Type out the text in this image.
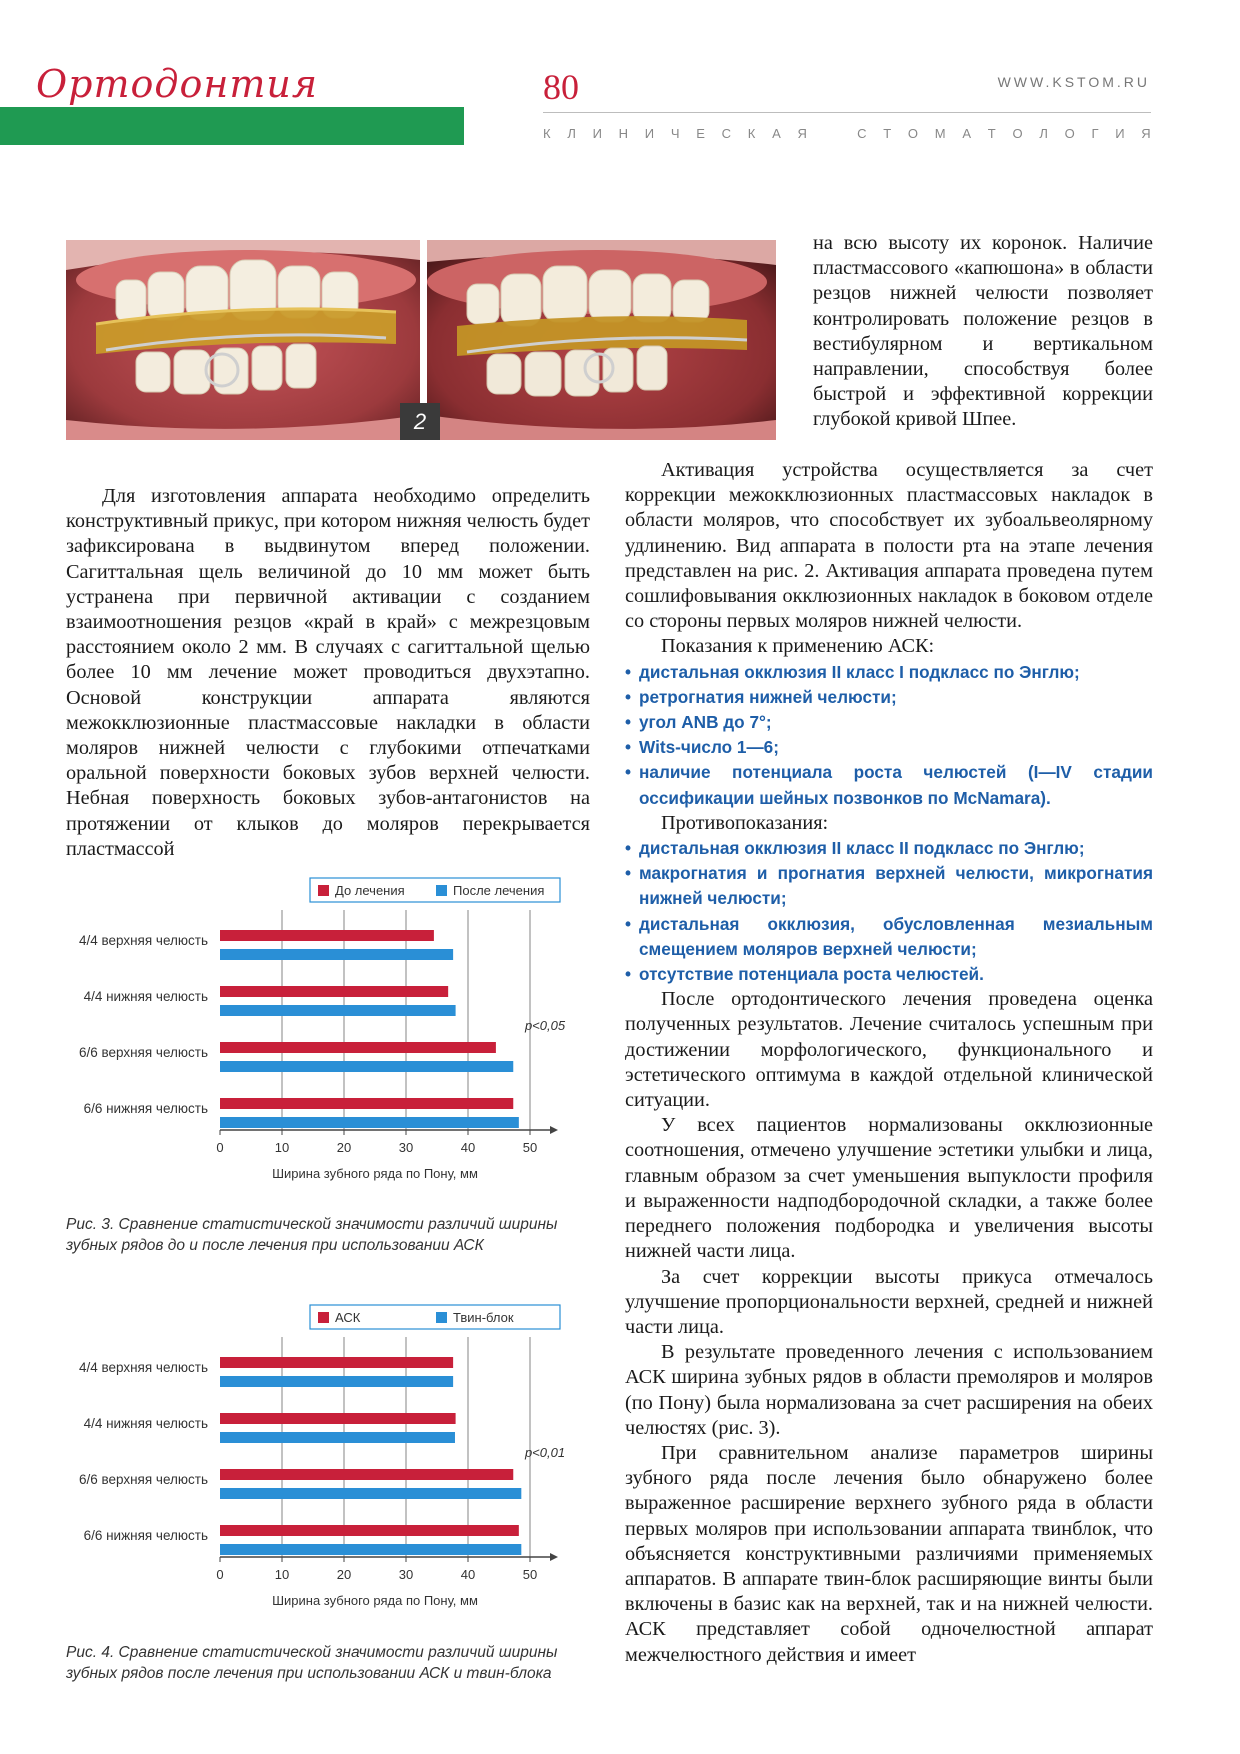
Ортодонтия	80	WWW.KSTOM.RU
К Л И Н И Ч Е С К А Я	С Т О М А Т О Л О Г И Я
2

на всю высоту их коронок. Наличие пластмассового «капюшона» в области резцов нижней челюсти позволяет контролировать положение резцов в вестибулярном и вертикальном направлении, способствуя более быстрой и эффективной коррекции глубокой кривой Шпее.

Для изготовления аппарата необходимо определить конструктивный прикус, при котором нижняя челюсть будет зафиксирована в выдвинутом вперед положении. Сагиттальная щель величиной до 10 мм может быть устранена при первичной активации с созданием взаимоотношения резцов «край в край» с межрезцовым расстоянием около 2 мм. В случаях с сагиттальной щелью более 10 мм лечение может проводиться двухэтапно. Основой конструкции аппарата являются межокклюзионные пластмассовые накладки в области моляров нижней челюсти с глубокими отпечатками оральной поверхности боковых зубов верхней челюсти. Небная поверхность боковых зубов-антагонистов на протяжении от клыков до моляров перекрывается пластмассой

Активация устройства осуществляется за счет коррекции межокклюзионных пластмассовых накладок в области моляров, что способствует их зубоальвеолярному удлинению. Вид аппарата в полости рта на этапе лечения представлен на рис. 2. Активация аппарата проведена путем сошлифовывания окклюзионных накладок в боковом отделе со стороны первых моляров нижней челюсти.

Показания к применению АСК:

• дистальная окклюзия II класс I подкласс по Энглю;
• ретрогнатия нижней челюсти;
• угол ANB до 7°;
• Wits-число 1—6;
• наличие потенциала роста челюстей (I—IV стадии оссификации шейных позвонков по McNamara).

Противопоказания:

• дистальная окклюзия II класс II подкласс по Энглю;
• макрогнатия и прогнатия верхней челюсти, микрогнатия нижней челюсти;
• дистальная окклюзия, обусловленная мезиальным смещением моляров верхней челюсти;
• отсутствие потенциала роста челюстей.

После ортодонтического лечения проведена оценка полученных результатов. Лечение считалось успешным при достижении морфологического, функционального и эстетического оптимума в каждой отдельной клинической ситуации.

У всех пациентов нормализованы окклюзионные соотношения, отмечено улучшение эстетики улыбки и лица, главным образом за счет уменьшения выпуклости профиля и выраженности надподбородочной складки, а также более переднего положения подбородка и увеличения высоты нижней части лица.

За счет коррекции высоты прикуса отмечалось улучшение пропорциональности верхней, средней и нижней части лица.

В результате проведенного лечения с использованием АСК ширина зубных рядов в области премоляров и моляров (по Пону) была нормализована за счет расширения на обеих челюстях (рис. 3).

При сравнительном анализе параметров ширины зубного ряда после лечения было обнаружено более выраженное расширение верхнего зубного ряда в области первых моляров при использовании аппарата твинблок, что объясняется конструктивными различиями применяемых аппаратов. В аппарате твин-блок расширяющие винты были включены в базис как на верхней, так и на нижней челюсти. АСК представляет собой одночелюстной аппарат межчелюстного действия и имеет

0	10	20	30	40	50
Ширина зубного ряда по Пону, мм
4/4 верхняя челюсть
4/4 нижняя челюсть
6/6 верхняя челюсть
6/6 нижняя челюсть
До лечения	После лечения
p<0,05
Рис. 3. Сравнение статистической значимости различий ширины зубных рядов до и после лечения при использовании АСК
0	10	20	30	40	50
Ширина зубного ряда по Пону, мм
4/4 верхняя челюсть
4/4 нижняя челюсть
6/6 верхняя челюсть
6/6 нижняя челюсть
АСК	Твин-блок
p<0,01
Рис. 4. Сравнение статистической значимости различий ширины зубных рядов после лечения при использовании АСК и твин-блока
